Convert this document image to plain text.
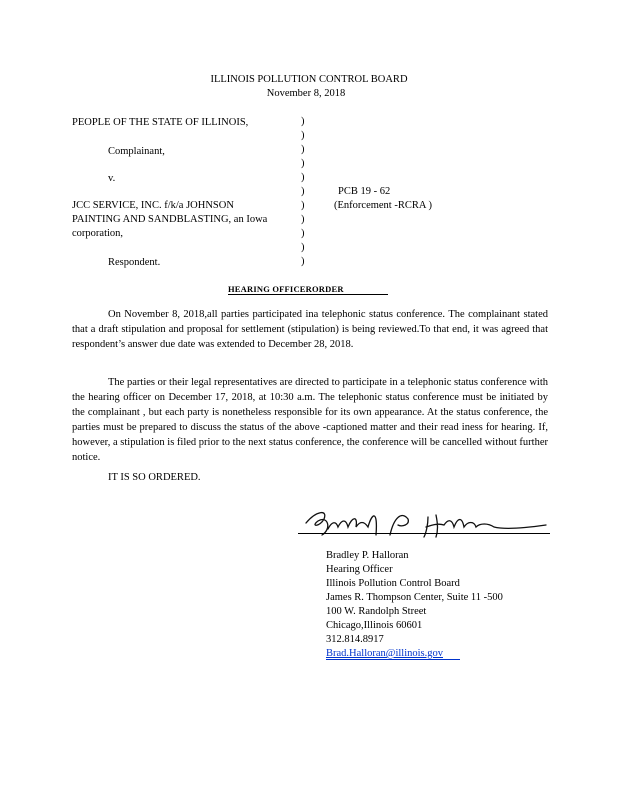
ILLINOIS POLLUTION CONTROL BOARD
November 8, 2018
PEOPLE OF THE STATE OF ILLINOIS,
Complainant,
v.
JCC SERVICE, INC. f/k/a JOHNSON
PAINTING AND SANDBLASTING, an Iowa
corporation,
Respondent.
)
)
)
)
)
)
)
)
)
)
)
PCB 19 - 62
(Enforcement -RCRA )
HEARING OFFICERORDER
On November 8, 2018,all parties participated ina telephonic status conference. The complainant stated that a draft stipulation and proposal for settlement (stipulation) is being reviewed.To that end, it was agreed that respondent’s answer due date was extended to December 28, 2018.
The parties or their legal representatives are directed to participate in a telephonic status conference with the hearing officer on December 17, 2018, at 10:30 a.m. The telephonic status conference must be initiated by the complainant , but each party is nonetheless responsible for its own appearance. At the status conference, the parties must be prepared to discuss the status of the above -captioned matter and their read iness for hearing. If, however, a stipulation is filed prior to the next status conference, the conference will be cancelled without further notice.
IT IS SO ORDERED.
Bradley P. Halloran
Hearing Officer
Illinois Pollution Control Board
James R. Thompson Center, Suite 11 -500
100 W. Randolph Street
Chicago,Illinois 60601
312.814.8917
Brad.Halloran@illinois.gov
